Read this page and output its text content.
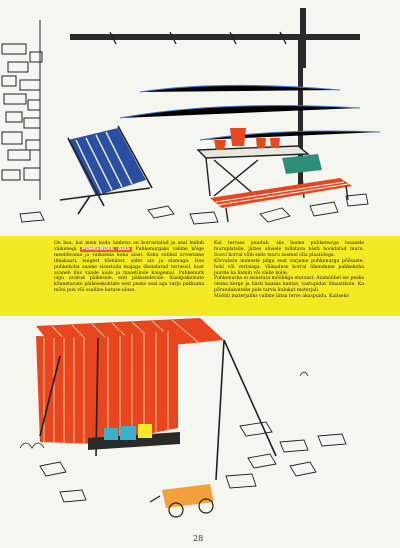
On hea, kui meie kodu ümbrus on korrastatud ja seal leidub väikenegi PUHKENURK AIAS Puhkenurgaks valime kõige meeldivama ja vaiksema koha aiast. Koha valikul arvestame ilmakaari, kuigest tõenäost, sidet aia ja elamuga. Hea puhkekoha saame sisustada majaga ühendatud terrassil, kust avaneb ilus vaade aiale ja maastikule kaugemal. Puhkenurk olgu avatud päikesele, enti päikeselevale. Kaskpakemate kõnnetavate päikesekohtate eest peaks seal aga varju pakkuma mõni puu või osaliine katuse-aluse.
Kui terrass puudub, siis loome puhkenurga tasasele muruplatsile, jättes alusele tollatava hästi hooldatud muru. Souvi korral võib selle muru asemel olla plaatidega.
Kõrvaliste inimeste pilgu eest varjame puhkenurga põõsaste, heki või verisiaga. Väimaluse korral ühendame puhkekoha juurde ka kamin või väike kolle.
Puhkenurka ei sisustata mööbliga elutoast. Aiamööbel ise peaks olema kerge ja hästi kaasas kantav, vastupidav ilmastikule. Ka põrandakatteks pole tarvis kulukat materjali.
Mööbli materjaliks valime liitsa terve akaspuidu. Kaitseks
28
